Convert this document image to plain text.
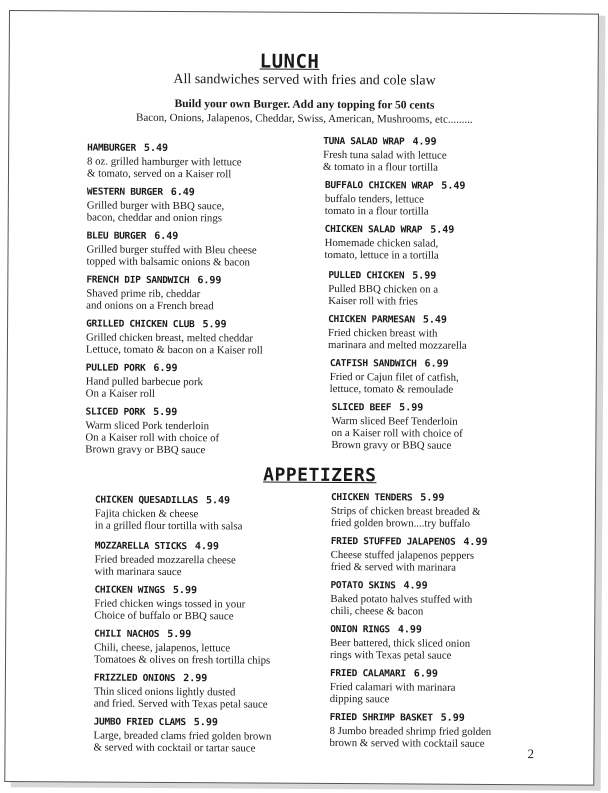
LUNCH
All sandwiches served with fries and cole slaw
Build your own Burger. Add any topping for 50 cents
Bacon, Onions, Jalapenos, Cheddar, Swiss, American, Mushrooms, etc.........
HAMBURGER 5.49
8 oz. grilled hamburger with lettuce
& tomato, served on a Kaiser roll
WESTERN BURGER 6.49
Grilled burger with BBQ sauce,
bacon, cheddar and onion rings
BLEU BURGER 6.49
Grilled burger stuffed with Bleu cheese
topped with balsamic onions & bacon
FRENCH DIP SANDWICH 6.99
Shaved prime rib, cheddar
and onions on a French bread
GRILLED CHICKEN CLUB 5.99
Grilled chicken breast, melted cheddar
Lettuce, tomato & bacon on a Kaiser roll
PULLED PORK 6.99
Hand pulled barbecue pork
On a Kaiser roll
SLICED PORK 5.99
Warm sliced Pork tenderloin
On a Kaiser roll with choice of
Brown gravy or BBQ sauce
TUNA SALAD WRAP 4.99
Fresh tuna salad with lettuce
& tomato in a flour tortilla
BUFFALO CHICKEN WRAP 5.49
buffalo tenders, lettuce
tomato in a flour tortilla
CHICKEN SALAD WRAP 5.49
Homemade chicken salad,
tomato, lettuce in a tortilla
PULLED CHICKEN 5.99
Pulled BBQ chicken on a
Kaiser roll with fries
CHICKEN PARMESAN 5.49
Fried chicken breast with
marinara and melted mozzarella
CATFISH SANDWICH 6.99
Fried or Cajun filet of catfish,
lettuce, tomato & remoulade
SLICED BEEF 5.99
Warm sliced Beef Tenderloin
on a Kaiser roll with choice of
Brown gravy or BBQ sauce
APPETIZERS
CHICKEN QUESADILLAS 5.49
Fajita chicken & cheese
in a grilled flour tortilla with salsa
MOZZARELLA STICKS 4.99
Fried breaded mozzarella cheese
with marinara sauce
CHICKEN WINGS 5.99
Fried chicken wings tossed in your
Choice of buffalo or BBQ sauce
CHILI NACHOS 5.99
Chili, cheese, jalapenos, lettuce
Tomatoes & olives on fresh tortilla chips
FRIZZLED ONIONS 2.99
Thin sliced onions lightly dusted
and fried. Served with Texas petal sauce
JUMBO FRIED CLAMS 5.99
Large, breaded clams fried golden brown
& served with cocktail or tartar sauce
CHICKEN TENDERS 5.99
Strips of chicken breast breaded &
fried golden brown....try buffalo
FRIED STUFFED JALAPENOS 4.99
Cheese stuffed jalapenos peppers
fried & served with marinara
POTATO SKINS 4.99
Baked potato halves stuffed with
chili, cheese & bacon
ONION RINGS 4.99
Beer battered, thick sliced onion
rings with Texas petal sauce
FRIED CALAMARI 6.99
Fried calamari with marinara
dipping sauce
FRIED SHRIMP BASKET 5.99
8 Jumbo breaded shrimp fried golden
brown & served with cocktail sauce
2
